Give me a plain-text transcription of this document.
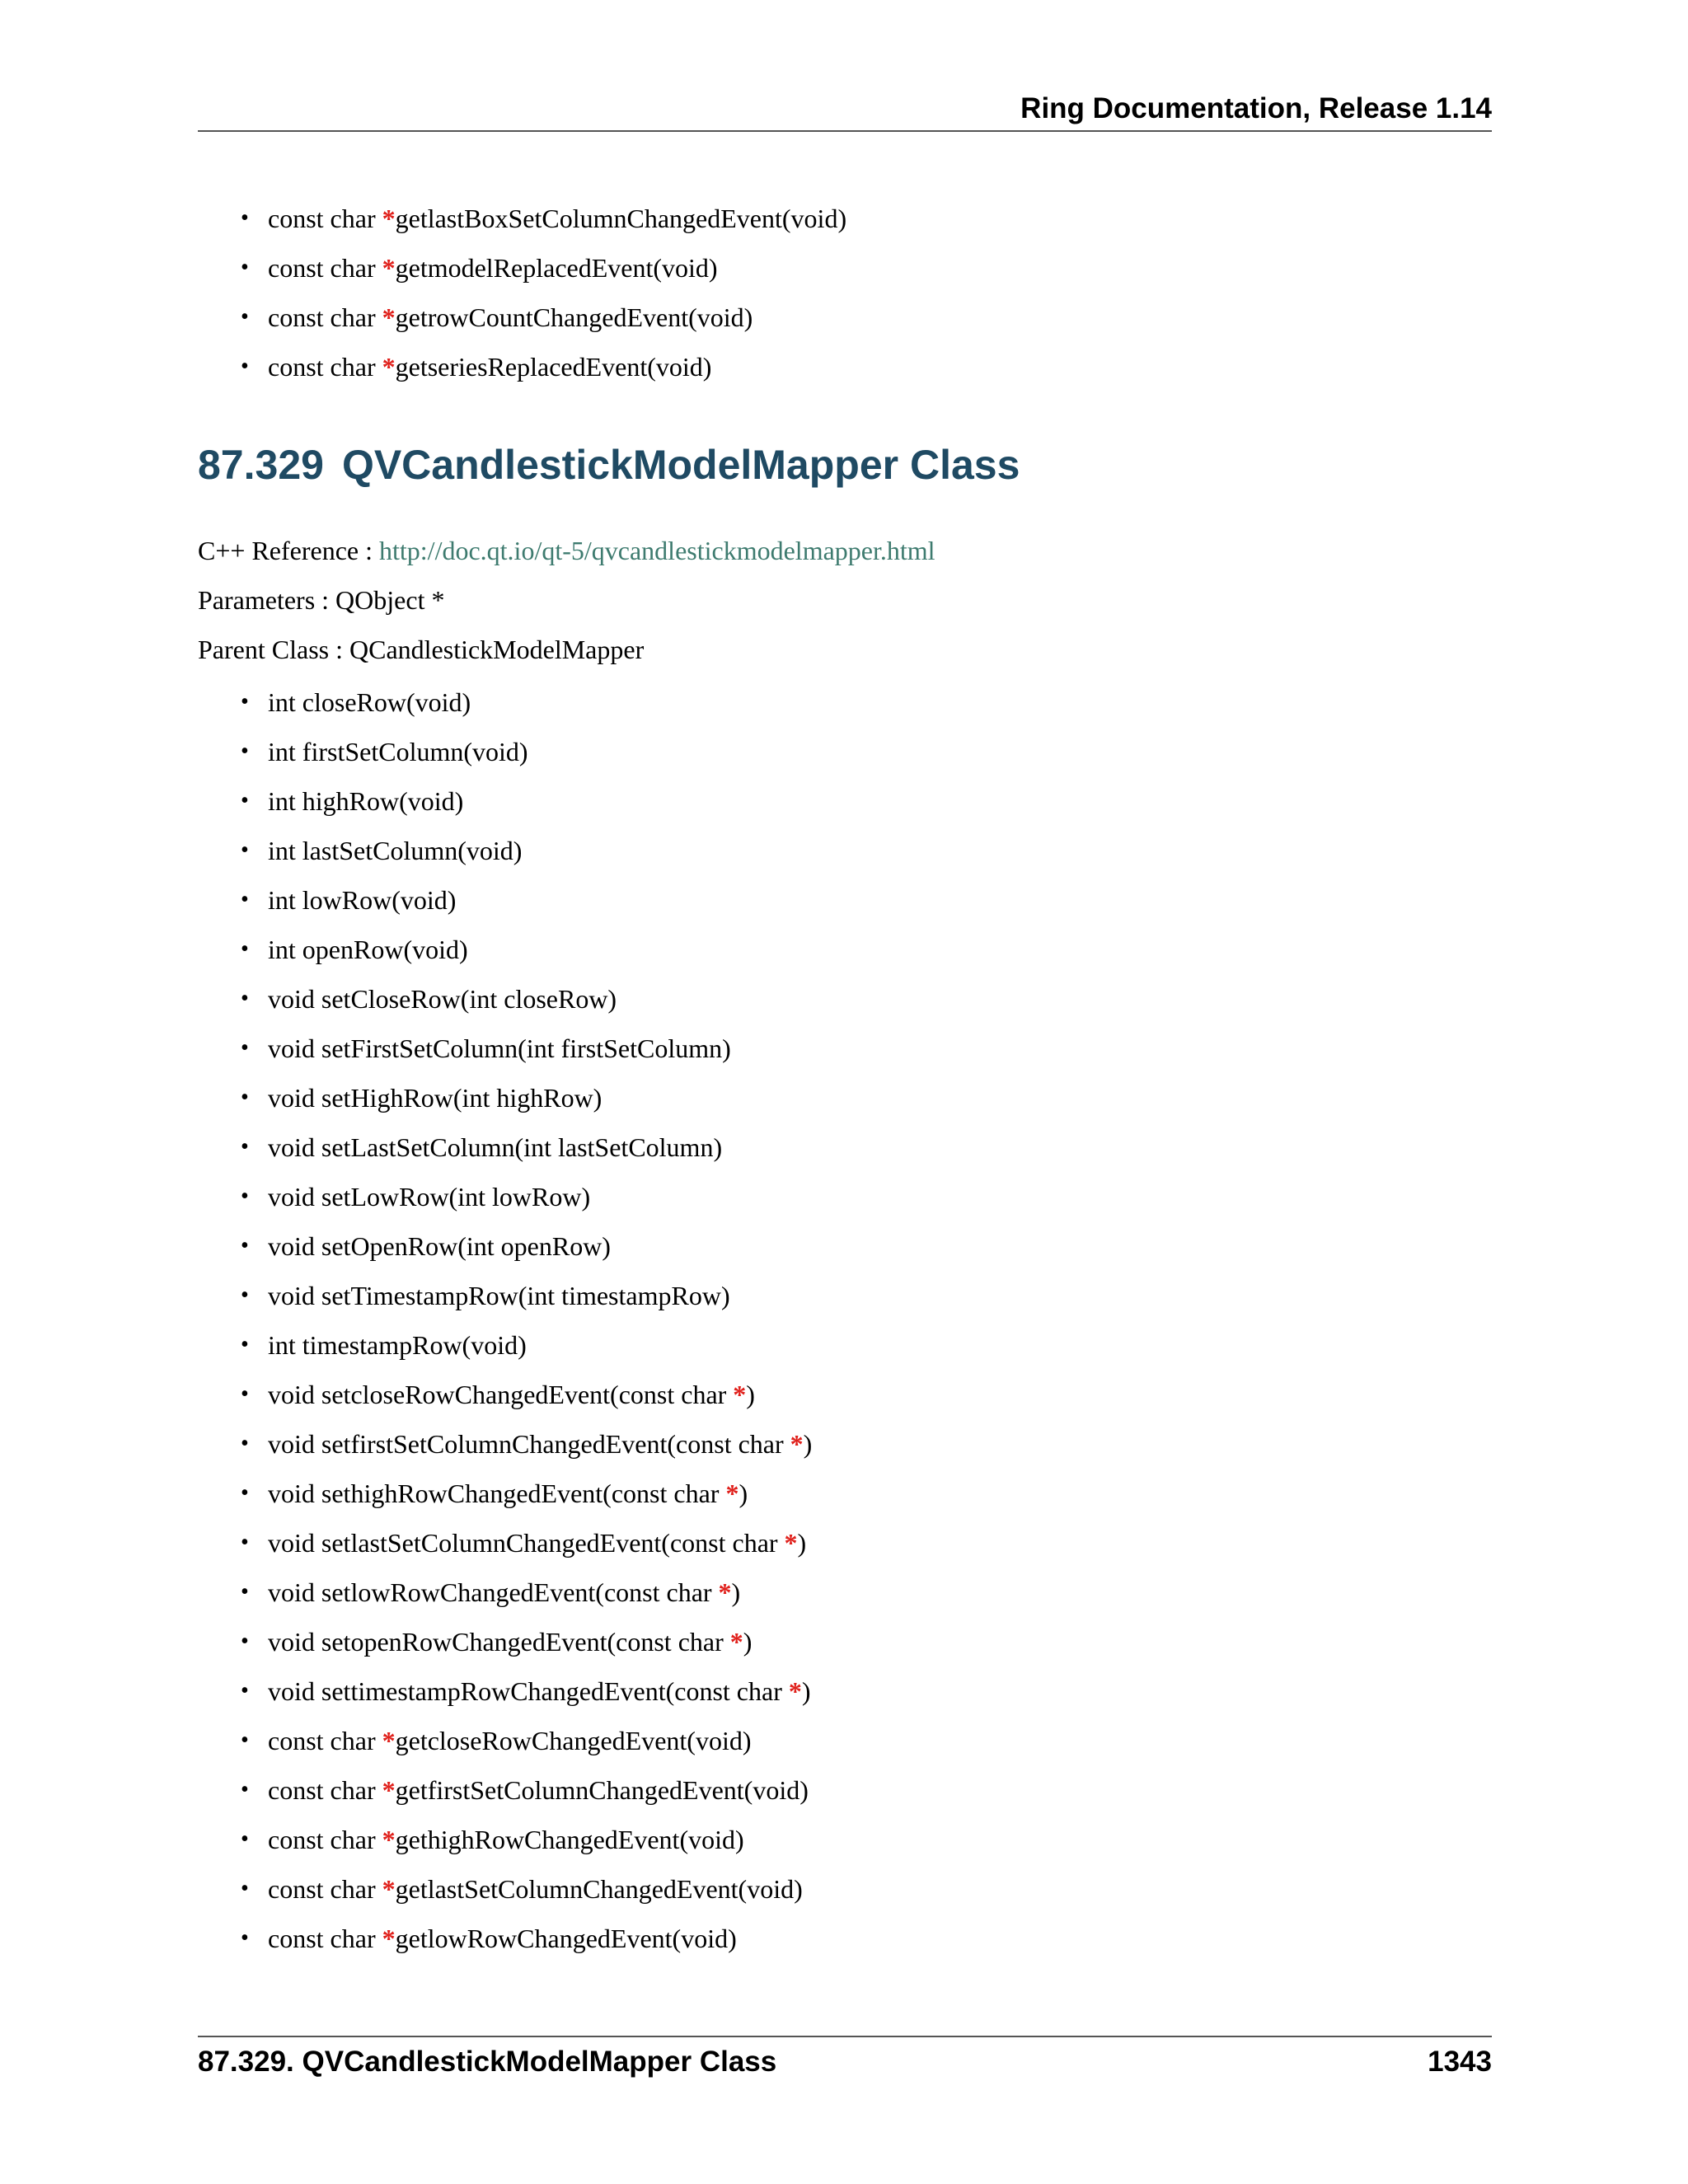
Ring Documentation, Release 1.14
• const char *getlastBoxSetColumnChangedEvent(void)
• const char *getmodelReplacedEvent(void)
• const char *getrowCountChangedEvent(void)
• const char *getseriesReplacedEvent(void)
87.329 QVCandlestickModelMapper Class
C++ Reference : http://doc.qt.io/qt-5/qvcandlestickmodelmapper.html
Parameters : QObject *
Parent Class : QCandlestickModelMapper
• int closeRow(void)
• int firstSetColumn(void)
• int highRow(void)
• int lastSetColumn(void)
• int lowRow(void)
• int openRow(void)
• void setCloseRow(int closeRow)
• void setFirstSetColumn(int firstSetColumn)
• void setHighRow(int highRow)
• void setLastSetColumn(int lastSetColumn)
• void setLowRow(int lowRow)
• void setOpenRow(int openRow)
• void setTimestampRow(int timestampRow)
• int timestampRow(void)
• void setcloseRowChangedEvent(const char *)
• void setfirstSetColumnChangedEvent(const char *)
• void sethighRowChangedEvent(const char *)
• void setlastSetColumnChangedEvent(const char *)
• void setlowRowChangedEvent(const char *)
• void setopenRowChangedEvent(const char *)
• void settimestampRowChangedEvent(const char *)
• const char *getcloseRowChangedEvent(void)
• const char *getfirstSetColumnChangedEvent(void)
• const char *gethighRowChangedEvent(void)
• const char *getlastSetColumnChangedEvent(void)
• const char *getlowRowChangedEvent(void)
87.329. QVCandlestickModelMapper Class	1343
